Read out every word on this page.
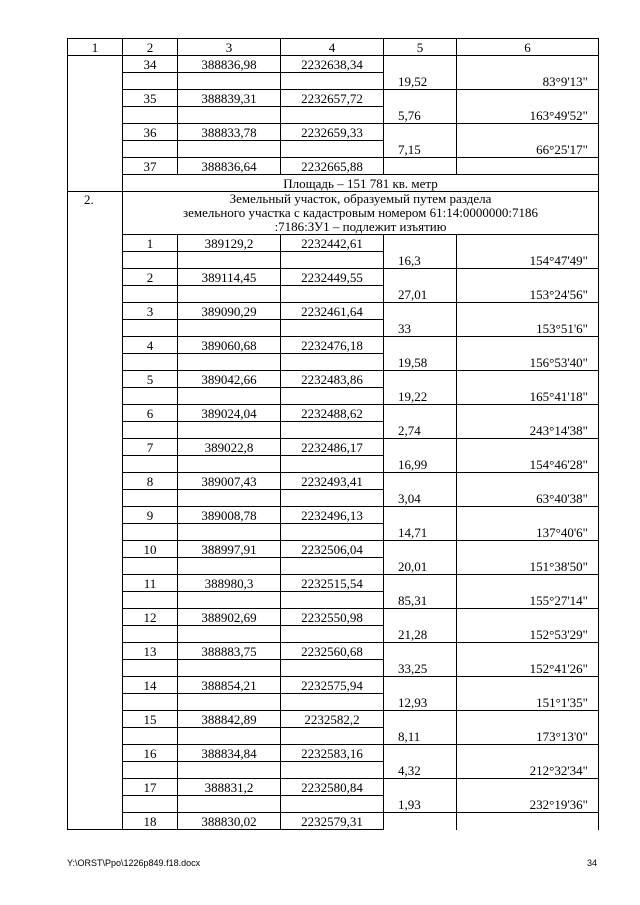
1	2	3	4	5	6
	34	388836,98	2232638,34		
				19,52	83°9'13"
	35	388839,31	2232657,72		
				5,76	163°49'52"
	36	388833,78	2232659,33		
				7,15	66°25'17"
	37	388836,64	2232665,88		
	Площадь – 151 781 кв. метр				
2.	Земельный участок, образуемый путем раздела
земельного участка с кадастровым номером 61:14:0000000:7186
:7186:ЗУ1 – подлежит изъятию				

	1	389129,2	2232442,61		
				16,3	154°47'49"
	2	389114,45	2232449,55		
				27,01	153°24'56"
	3	389090,29	2232461,64		
				33	153°51'6"
	4	389060,68	2232476,18		
				19,58	156°53'40"
	5	389042,66	2232483,86		
				19,22	165°41'18"
	6	389024,04	2232488,62		
				2,74	243°14'38"
	7	389022,8	2232486,17		
				16,99	154°46'28"
	8	389007,43	2232493,41		
				3,04	63°40'38"
	9	389008,78	2232496,13		
				14,71	137°40'6"
	10	388997,91	2232506,04		
				20,01	151°38'50"
	11	388980,3	2232515,54		
				85,31	155°27'14"
	12	388902,69	2232550,98		
				21,28	152°53'29"
	13	388883,75	2232560,68		
				33,25	152°41'26"
	14	388854,21	2232575,94		
				12,93	151°1'35"
	15	388842,89	2232582,2		
				8,11	173°13'0"
	16	388834,84	2232583,16		
				4,32	212°32'34"
	17	388831,2	2232580,84		
				1,93	232°19'36"
	18	388830,02	2232579,31		
Y:\ORST\Ppo\1226p849.f18.docx	34
